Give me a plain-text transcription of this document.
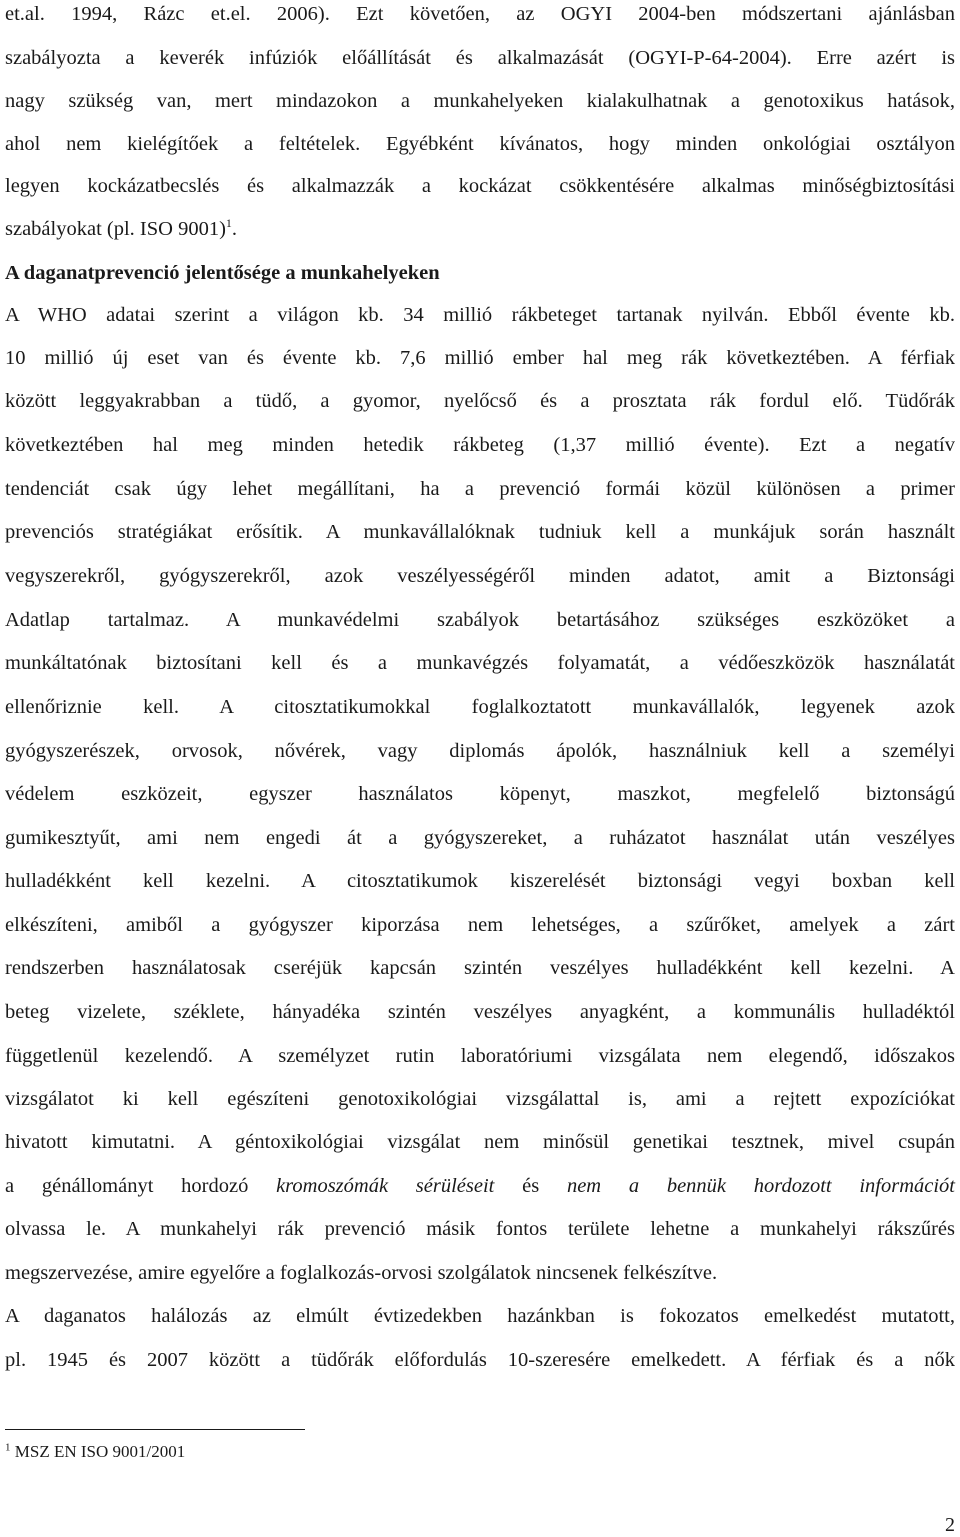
et.al. 1994, Rázc et.el. 2006). Ezt követően, az OGYI 2004-ben módszertani ajánlásban
szabályozta a keverék infúziók előállítását és alkalmazását (OGYI-P-64-2004). Erre azért is
nagy szükség van, mert mindazokon a munkahelyeken kialakulhatnak a genotoxikus hatások,
ahol nem kielégítőek a feltételek. Egyébként kívánatos, hogy minden onkológiai osztályon
legyen kockázatbecslés és alkalmazzák a kockázat csökkentésére alkalmas minőségbiztosítási
szabályokat (pl. ISO 9001)$^1$.
A daganatprevenció jelentősége a munkahelyeken
A WHO adatai szerint a világon kb. 34 millió rákbeteget tartanak nyilván. Ebből évente kb.
10 millió új eset van és évente kb. 7,6 millió ember hal meg rák következtében. A férfiak
között leggyakrabban a tüdő, a gyomor, nyelőcső és a prosztata rák fordul elő. Tüdőrák
következtében hal meg minden hetedik rákbeteg (1,37 millió évente). Ezt a negatív
tendenciát csak úgy lehet megállítani, ha a prevenció formái közül különösen a primer
prevenciós stratégiákat erősítik. A munkavállalóknak tudniuk kell a munkájuk során használt
vegyszerekről, gyógyszerekről, azok veszélyességéről minden adatot, amit a Biztonsági
Adatlap tartalmaz. A munkavédelmi szabályok betartásához szükséges eszközöket a
munkáltatónak biztosítani kell és a munkavégzés folyamatát, a védőeszközök használatát
ellenőriznie kell. A citosztatikumokkal foglalkoztatott munkavállalók, legyenek azok
gyógyszerészek, orvosok, nővérek, vagy diplomás ápolók, használniuk kell a személyi
védelem eszközeit, egyszer használatos köpenyt, maszkot, megfelelő biztonságú
gumikesztyűt, ami nem engedi át a gyógyszereket, a ruházatot használat után veszélyes
hulladékként kell kezelni. A citosztatikumok kiszerelését biztonsági vegyi boxban kell
elkészíteni, amiből a gyógyszer kiporzása nem lehetséges, a szűrőket, amelyek a zárt
rendszerben használatosak cseréjük kapcsán szintén veszélyes hulladékként kell kezelni. A
beteg vizelete, széklete, hányadéka szintén veszélyes anyagként, a kommunális hulladéktól
függetlenül kezelendő. A személyzet rutin laboratóriumi vizsgálata nem elegendő, időszakos
vizsgálatot ki kell egészíteni genotoxikológiai vizsgálattal is, ami a rejtett expozíciókat
hivatott kimutatni. A géntoxikológiai vizsgálat nem minősül genetikai tesztnek, mivel csupán
a génállományt hordozó kromoszómák sérüléseit és nem a bennük hordozott információt
olvassa le. A munkahelyi rák prevenció másik fontos területe lehetne a munkahelyi rákszűrés
megszervezése, amire egyelőre a foglalkozás-orvosi szolgálatok nincsenek felkészítve.
A daganatos halálozás az elmúlt évtizedekben hazánkban is fokozatos emelkedést mutatott,
pl. 1945 és 2007 között a tüdőrák előfordulás 10-szeresére emelkedett. A férfiak és a nők
$^1$ MSZ EN ISO 9001/2001
2
